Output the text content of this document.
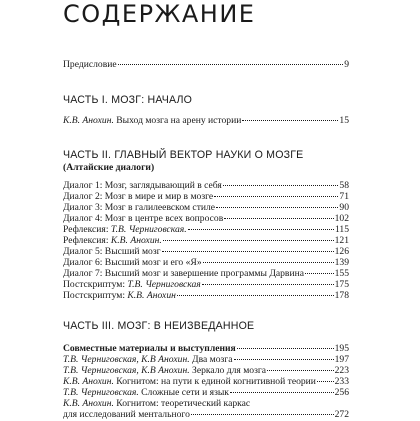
СОДЕРЖАНИЕ
Предисловие	9
ЧАСТЬ I. МОЗГ: НАЧАЛО
К.В. Анохин. Выход мозга на арену истории	15
ЧАСТЬ II. ГЛАВНЫЙ ВЕКТОР НАУКИ О МОЗГЕ
(Алтайские диалоги)
Диалог 1: Мозг, заглядывающий в себя	58
Диалог 2: Мозг в мире и мир в мозге	71
Диалог 3: Мозг в галилеевском стиле	90
Диалог 4: Мозг в центре всех вопросов	102
Рефлексия: Т.В. Черниговская.	115
Рефлексия: К.В. Анохин.	121
Диалог 5: Высший мозг	126
Диалог 6: Высший мозг и его «Я»	139
Диалог 7: Высший мозг и завершение программы Дарвина	155
Постскриптум: Т.В. Черниговская	175
Постскриптум: К.В. Анохин	178
ЧАСТЬ III. МОЗГ: В НЕИЗВЕДАННОЕ
Совместные материалы и выступления	195
Т.В. Черниговская, К.В Анохин. Два мозга	197
Т.В. Черниговская, К.В Анохин. Зеркало для мозга	223
К.В. Анохин. Когнитом: на пути к единой когнитивной теории 233
Т.В. Черниговская. Сложные сети и язык	256
К.В. Анохин. Когнитом: теоретический каркас
для исследований ментального	272
